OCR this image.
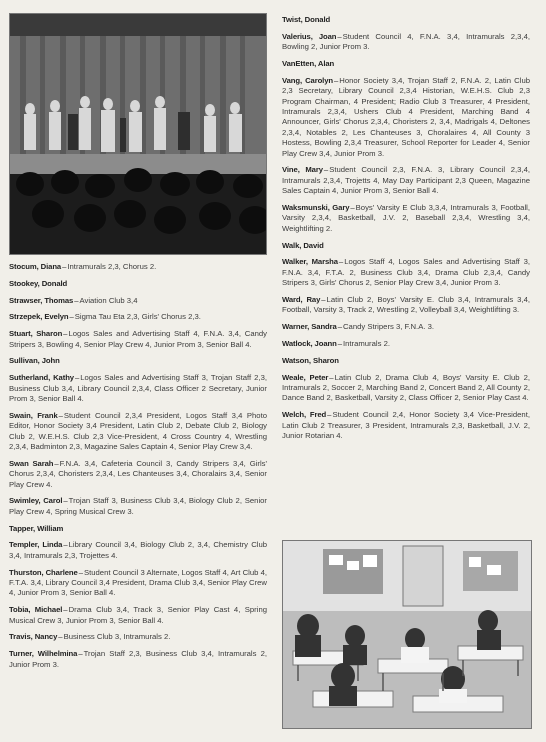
Stocum, Diana–Intramurals 2,3, Chorus 2.

Stookey, Donald

Strawser, Thomas–Aviation Club 3,4

Strzepek, Evelyn–Sigma Tau Eta 2,3, Girls' Chorus 2,3.

Stuart, Sharon–Logos Sales and Advertising Staff 4, F.N.A. 3,4, Candy Stripers 3, Bowling 4, Senior Play Crew 4, Junior Prom 3, Senior Ball 4.

Sullivan, John

Sutherland, Kathy–Logos Sales and Advertising Staff 3, Trojan Staff 2,3, Business Club 3,4, Library Council 2,3,4, Class Officer 2 Secretary, Junior Prom 3, Senior Ball 4.

Swain, Frank–Student Council 2,3,4 President, Logos Staff 3,4 Photo Editor, Honor Society 3,4 President, Latin Club 2, Debate Club 2, Biology Club 2, W.E.H.S. Club 2,3 Vice-President, 4 Cross Country 4, Wrestling 2,3,4, Badminton 2,3, Magazine Sales Captain 4, Senior Play Crew 3,4.

Swan Sarah–F.N.A. 3,4, Cafeteria Council 3, Candy Stripers 3,4, Girls' Chorus 2,3,4, Choristers 2,3,4, Les Chanteuses 3,4, Choralairs 3,4, Senior Play Crew 4.

Swimley, Carol–Trojan Staff 3, Business Club 3,4, Biology Club 2, Senior Play Crew 4, Spring Musical Crew 3.

Tapper, William

Templer, Linda–Library Council 3,4, Biology Club 2, 3,4, Chemistry Club 3,4, Intramurals 2,3, Trojettes 4.

Thurston, Charlene–Student Council 3 Alternate, Logos Staff 4, Art Club 4, F.T.A. 3,4, Library Council 3,4 President, Drama Club 3,4, Senior Play Crew 4, Junior Prom 3, Senior Ball 4.

Tobia, Michael–Drama Club 3,4, Track 3, Senior Play Cast 4, Spring Musical Crew 3, Junior Prom 3, Senior Ball 4.

Travis, Nancy–Business Club 3, Intramurals 2.

Turner, Wilhelmina–Trojan Staff 2,3, Business Club 3,4, Intramurals 2, Junior Prom 3.

Twist, Donald

Valerius, Joan–Student Council 4, F.N.A. 3,4, Intramurals 2,3,4, Bowling 2, Junior Prom 3.

VanEtten, Alan

Vang, Carolyn–Honor Society 3,4, Trojan Staff 2, F.N.A. 2, Latin Club 2,3 Secretary, Library Council 2,3,4 Historian, W.E.H.S. Club 2,3 Program Chairman, 4 President; Radio Club 3 Treasurer, 4 President, Intramurals 2,3,4, Ushers Club 4 President, Marching Band 4 Announcer, Girls' Chorus 2,3,4, Choristers 2, 3,4, Madrigals 4, Deltones 2,3,4, Notables 2, Les Chanteuses 3, Choralaires 4, All County 3 Hostess, Bowling 2,3,4 Treasurer, School Reporter for Leader 4, Senior Play Crew 3,4, Junior Prom 3.

Vine, Mary–Student Council 2,3, F.N.A. 3, Library Council 2,3,4, Intramurals 2,3,4, Trojetts 4, May Day Participant 2,3 Queen, Magazine Sales Captain 4, Junior Prom 3, Senior Ball 4.

Waksmunski, Gary–Boys' Varsity E Club 3,3,4, Intramurals 3, Football, Varsity 2,3,4, Basketball, J.V. 2, Baseball 2,3,4, Wrestling 3,4, Weightlifting 2.

Walk, David

Walker, Marsha–Logos Staff 4, Logos Sales and Advertising Staff 3, F.N.A. 3,4, F.T.A. 2, Business Club 3,4, Drama Club 2,3,4, Candy Stripers 3, Girls' Chorus 2, Senior Play Crew 3,4, Junior Prom 3.

Ward, Ray–Latin Club 2, Boys' Varsity E. Club 3,4, Intramurals 3,4, Football, Varsity 3, Track 2, Wrestling 2, Volleyball 3,4, Weightlifting 3.

Warner, Sandra–Candy Stripers 3, F.N.A. 3.

Watlock, Joann–Intramurals 2.

Watson, Sharon

Weale, Peter–Latin Club 2, Drama Club 4, Boys' Varsity E. Club 2, Intramurals 2, Soccer 2, Marching Band 2, Concert Band 2, All County 2, Dance Band 2, Basketball, Varsity 2, Class Officer 2, Senior Play Cast 4.

Welch, Fred–Student Council 2,4, Honor Society 3,4 Vice-President, Latin Club 2 Treasurer, 3 President, Intramurals 2,3, Basketball, J.V. 2, Junior Rotarian 4.
